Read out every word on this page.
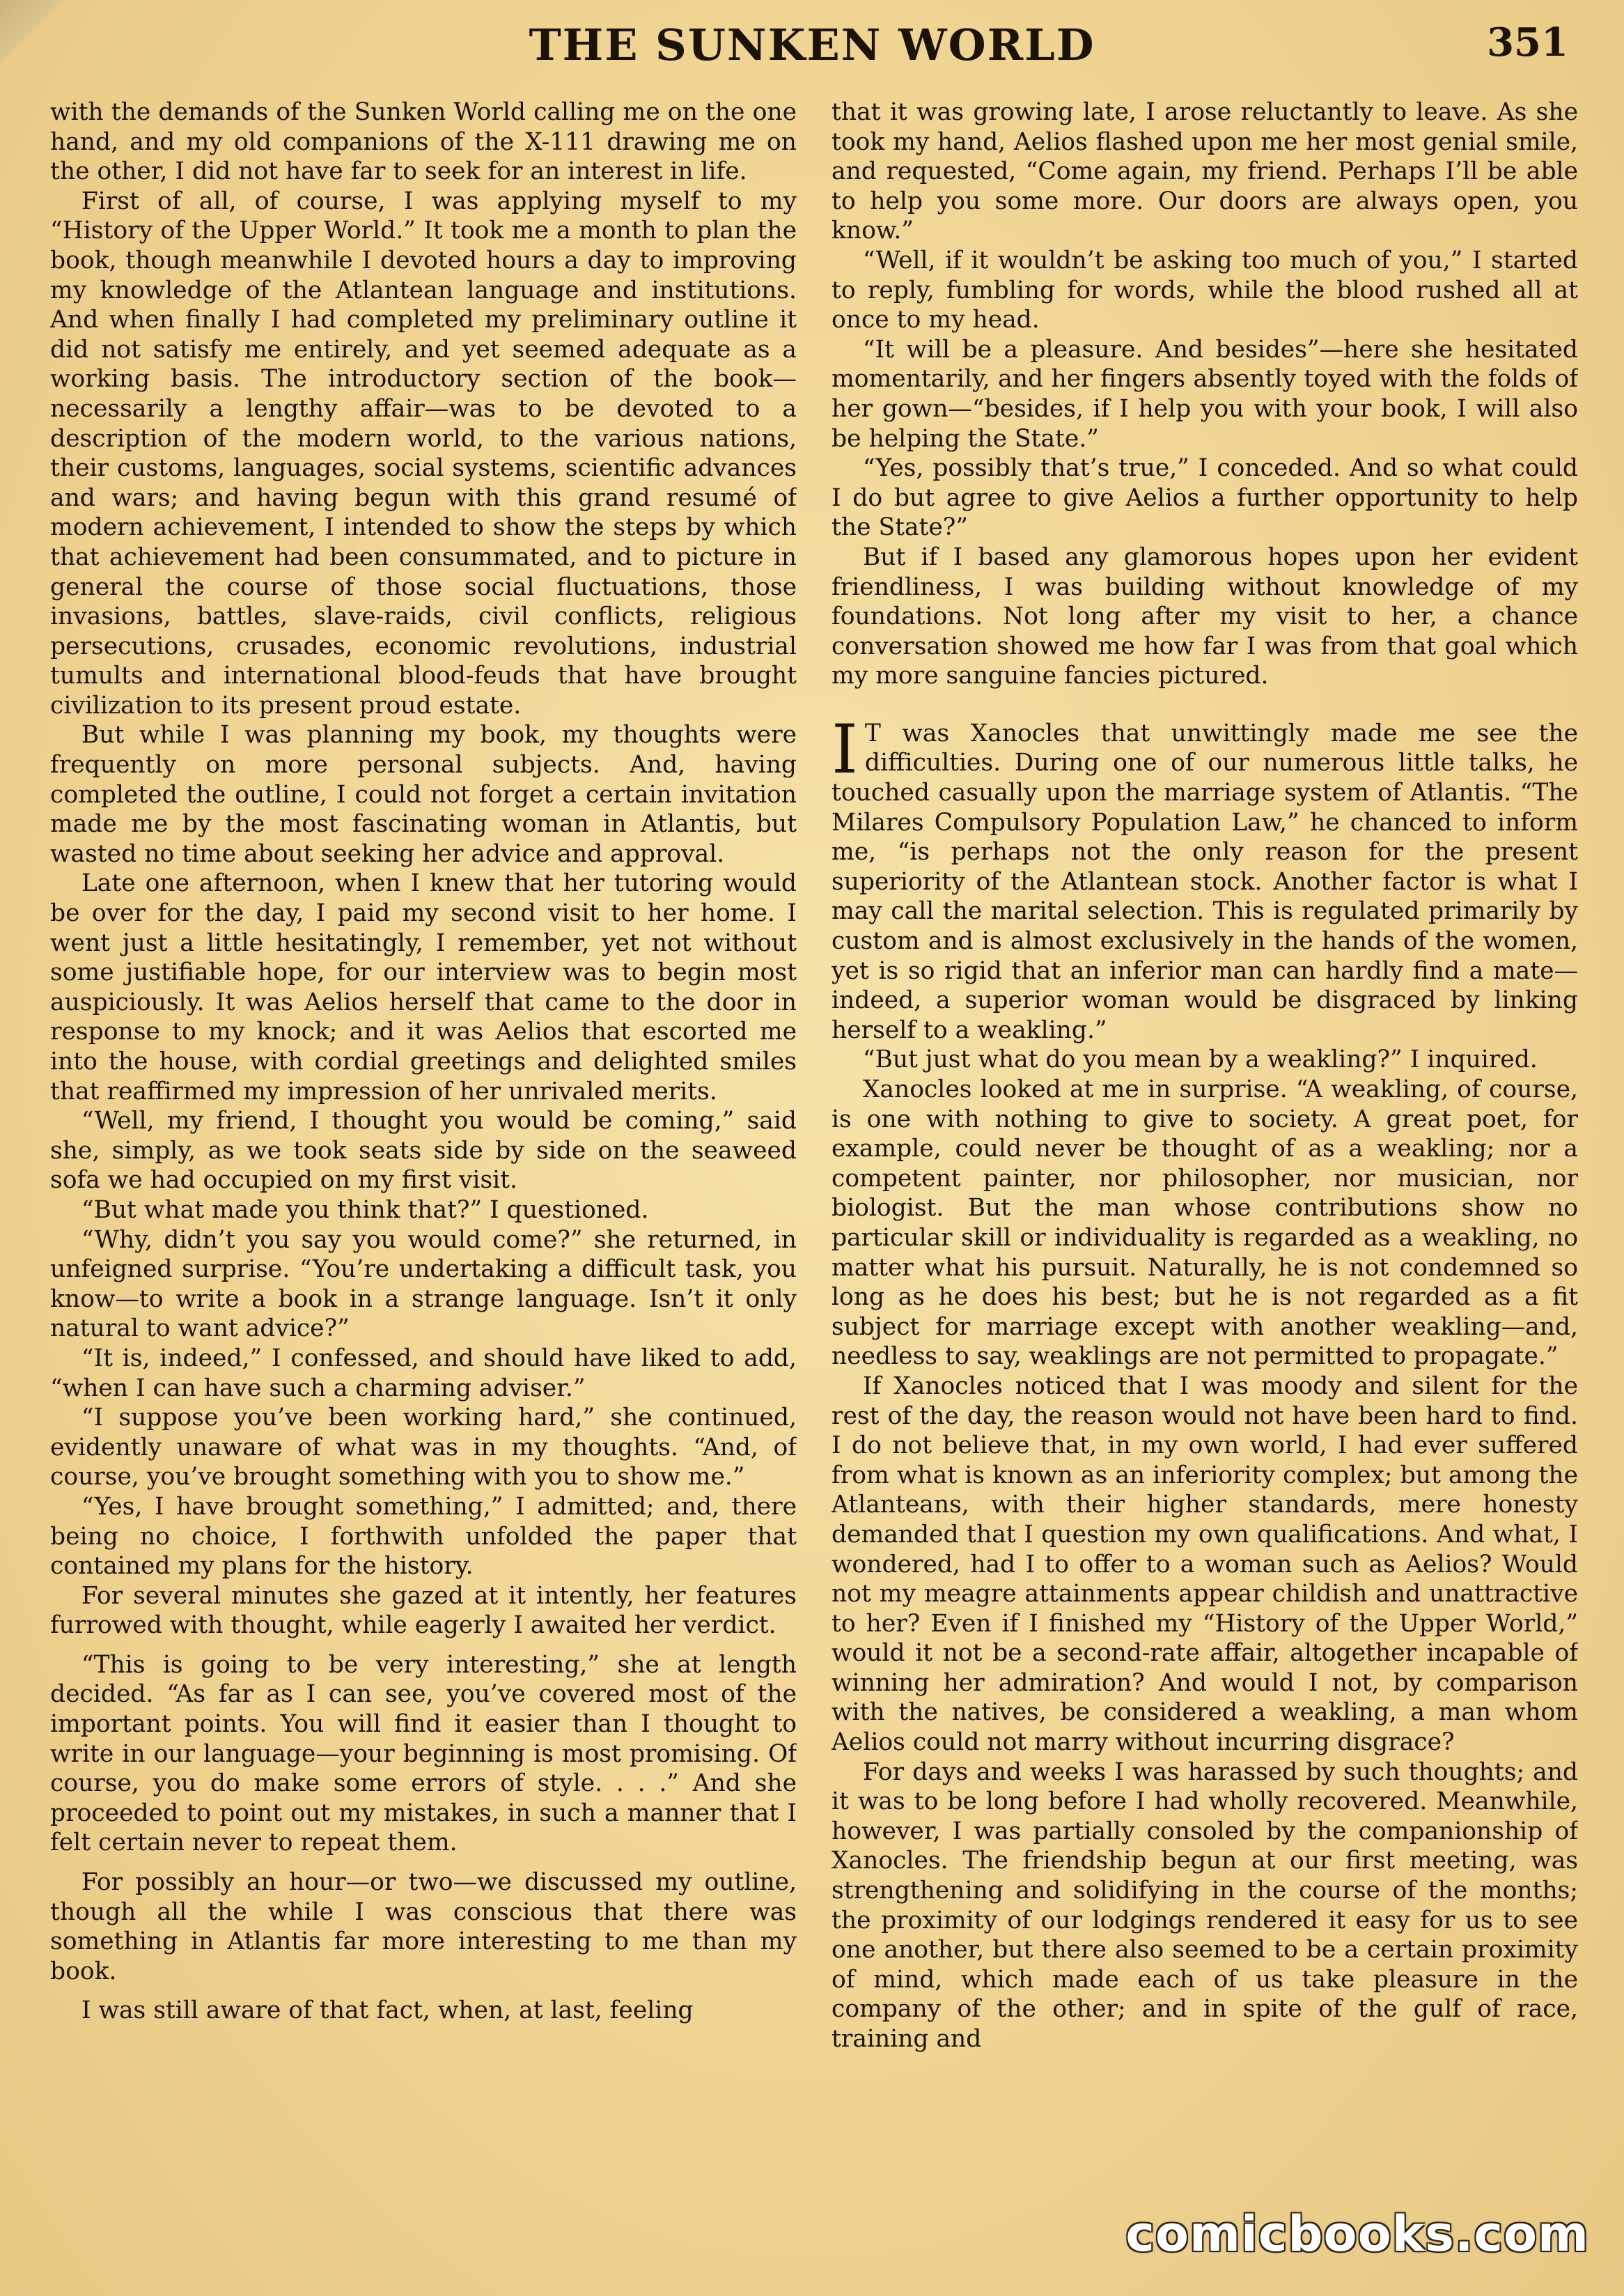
THE SUNKEN WORLD	351

with the demands of the Sunken World calling me on the one hand, and my old companions of the X-111 drawing me on the other, I did not have far to seek for an interest in life.

First of all, of course, I was applying myself to my “History of the Upper World.” It took me a month to plan the book, though meanwhile I devoted hours a day to improving my knowledge of the Atlantean language and institutions. And when finally I had completed my preliminary outline it did not satisfy me entirely, and yet seemed adequate as a working basis. The introductory section of the book—necessarily a lengthy affair—was to be devoted to a description of the modern world, to the various nations, their customs, languages, social systems, scientific advances and wars; and having begun with this grand resumé of modern achievement, I intended to show the steps by which that achievement had been consummated, and to picture in general the course of those social fluctuations, those invasions, battles, slave-raids, civil conflicts, religious persecutions, crusades, economic revolutions, industrial tumults and international blood-feuds that have brought civilization to its present proud estate.

But while I was planning my book, my thoughts were frequently on more personal subjects. And, having completed the outline, I could not forget a certain invitation made me by the most fascinating woman in Atlantis, but wasted no time about seeking her advice and approval.

Late one afternoon, when I knew that her tutoring would be over for the day, I paid my second visit to her home. I went just a little hesitatingly, I remember, yet not without some justifiable hope, for our interview was to begin most auspiciously. It was Aelios herself that came to the door in response to my knock; and it was Aelios that escorted me into the house, with cordial greetings and delighted smiles that reaffirmed my impression of her unrivaled merits.

“Well, my friend, I thought you would be coming,” said she, simply, as we took seats side by side on the seaweed sofa we had occupied on my first visit.

“But what made you think that?” I questioned.

“Why, didn’t you say you would come?” she returned, in unfeigned surprise. “You’re undertaking a difficult task, you know—to write a book in a strange language. Isn’t it only natural to want advice?”

“It is, indeed,” I confessed, and should have liked to add, “when I can have such a charming adviser.”

“I suppose you’ve been working hard,” she continued, evidently unaware of what was in my thoughts. “And, of course, you’ve brought something with you to show me.”

“Yes, I have brought something,” I admitted; and, there being no choice, I forthwith unfolded the paper that contained my plans for the history.

For several minutes she gazed at it intently, her features furrowed with thought, while eagerly I awaited her verdict.

“This is going to be very interesting,” she at length decided. “As far as I can see, you’ve covered most of the important points. You will find it easier than I thought to write in our language—your beginning is most promising. Of course, you do make some errors of style. . . .” And she proceeded to point out my mistakes, in such a manner that I felt certain never to repeat them.

For possibly an hour—or two—we discussed my outline, though all the while I was conscious that there was something in Atlantis far more interesting to me than my book.

I was still aware of that fact, when, at last, feeling

that it was growing late, I arose reluctantly to leave. As she took my hand, Aelios flashed upon me her most genial smile, and requested, “Come again, my friend. Perhaps I’ll be able to help you some more. Our doors are always open, you know.”

“Well, if it wouldn’t be asking too much of you,” I started to reply, fumbling for words, while the blood rushed all at once to my head.

“It will be a pleasure. And besides”—here she hesitated momentarily, and her fingers absently toyed with the folds of her gown—“besides, if I help you with your book, I will also be helping the State.”

“Yes, possibly that’s true,” I conceded. And so what could I do but agree to give Aelios a further opportunity to help the State?”

But if I based any glamorous hopes upon her evident friendliness, I was building without knowledge of my foundations. Not long after my visit to her, a chance conversation showed me how far I was from that goal which my more sanguine fancies pictured.

I T was Xanocles that unwittingly made me see the difficulties. During one of our numerous little talks, he touched casually upon the marriage system of Atlantis. “The Milares Compulsory Population Law,” he chanced to inform me, “is perhaps not the only reason for the present superiority of the Atlantean stock. Another factor is what I may call the marital selection. This is regulated primarily by custom and is almost exclusively in the hands of the women, yet is so rigid that an inferior man can hardly find a mate—indeed, a superior woman would be disgraced by linking herself to a weakling.”

“But just what do you mean by a weakling?” I inquired.

Xanocles looked at me in surprise. “A weakling, of course, is one with nothing to give to society. A great poet, for example, could never be thought of as a weakling; nor a competent painter, nor philosopher, nor musician, nor biologist. But the man whose contributions show no particular skill or individuality is regarded as a weakling, no matter what his pursuit. Naturally, he is not condemned so long as he does his best; but he is not regarded as a fit subject for marriage except with another weakling—and, needless to say, weaklings are not permitted to propagate.”

If Xanocles noticed that I was moody and silent for the rest of the day, the reason would not have been hard to find. I do not believe that, in my own world, I had ever suffered from what is known as an inferiority complex; but among the Atlanteans, with their higher standards, mere honesty demanded that I question my own qualifications. And what, I wondered, had I to offer to a woman such as Aelios? Would not my meagre attainments appear childish and unattractive to her? Even if I finished my “History of the Upper World,” would it not be a second-rate affair, altogether incapable of winning her admiration? And would I not, by comparison with the natives, be considered a weakling, a man whom Aelios could not marry without incurring disgrace?

For days and weeks I was harassed by such thoughts; and it was to be long before I had wholly recovered. Meanwhile, however, I was partially consoled by the companionship of Xanocles. The friendship begun at our first meeting, was strengthening and solidifying in the course of the months; the proximity of our lodgings rendered it easy for us to see one another, but there also seemed to be a certain proximity of mind, which made each of us take pleasure in the company of the other; and in spite of the gulf of race, training and

comicbooks.com
